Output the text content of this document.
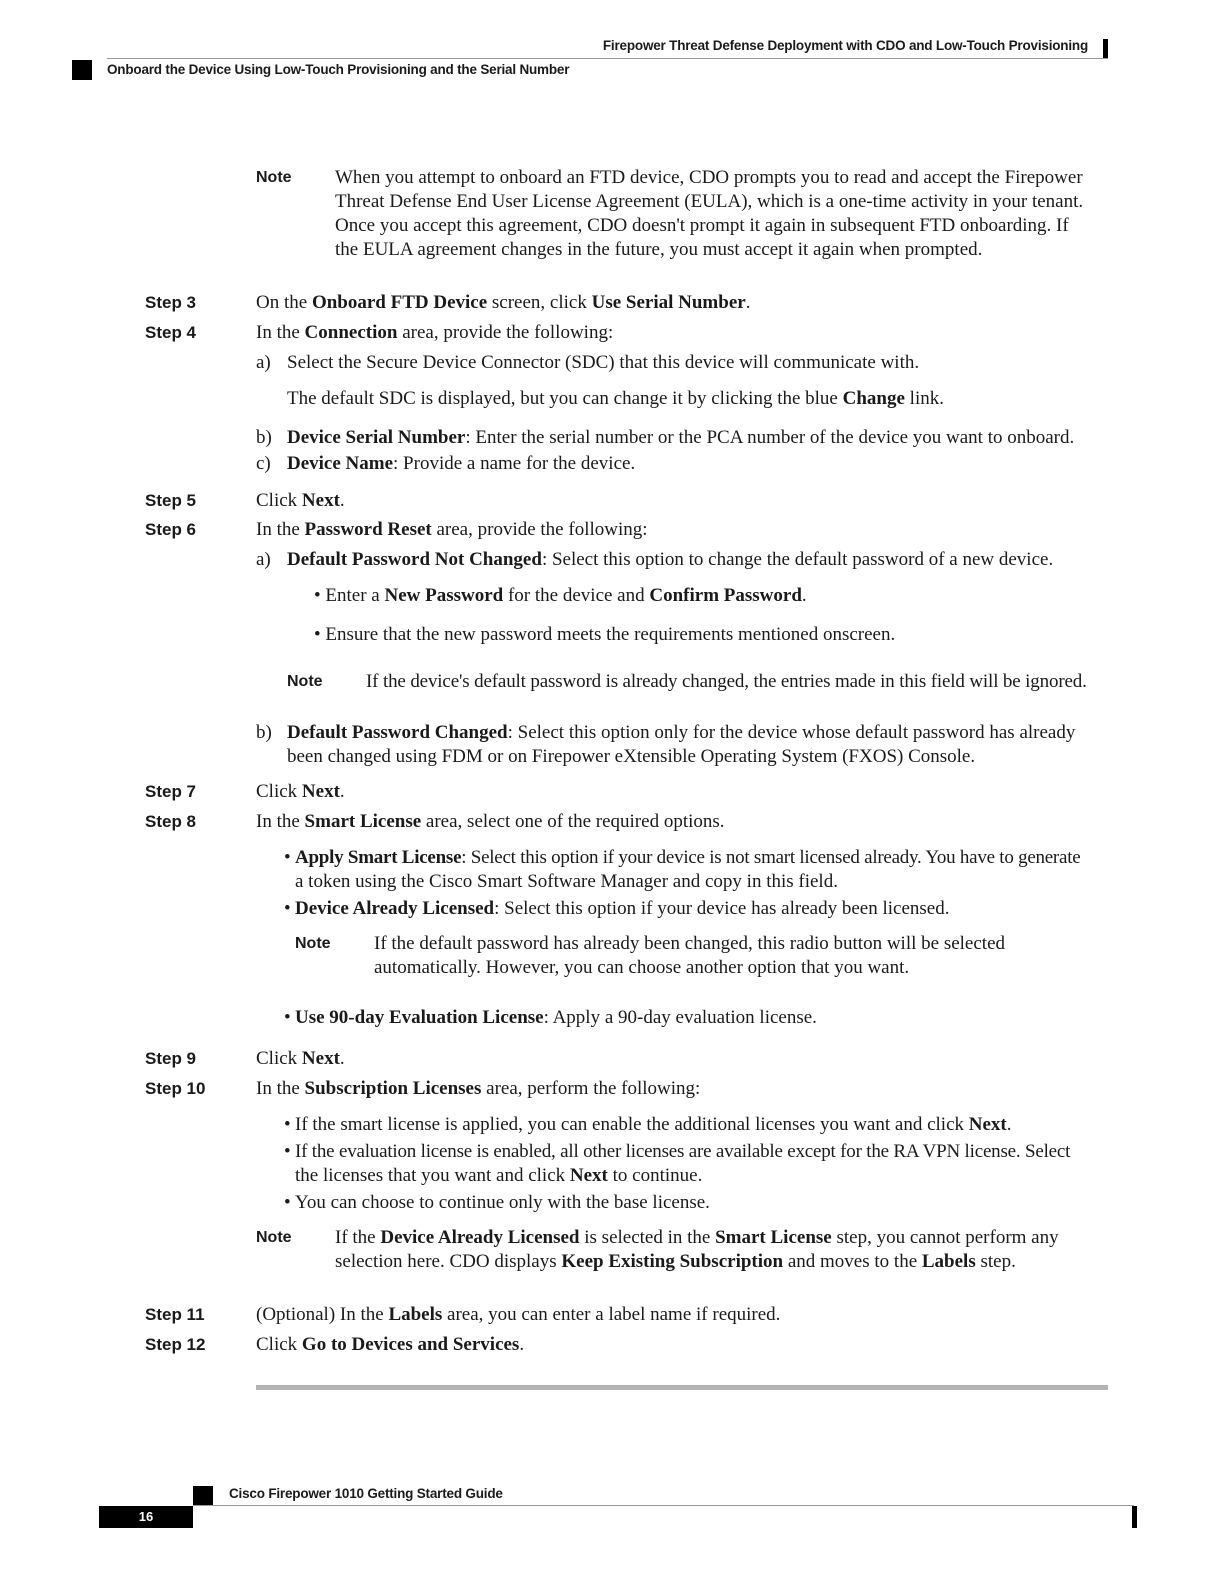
Firepower Threat Defense Deployment with CDO and Low-Touch Provisioning
Onboard the Device Using Low-Touch Provisioning and the Serial Number
Note When you attempt to onboard an FTD device, CDO prompts you to read and accept the Firepower
Threat Defense End User License Agreement (EULA), which is a one-time activity in your tenant.
Once you accept this agreement, CDO doesn't prompt it again in subsequent FTD onboarding. If
the EULA agreement changes in the future, you must accept it again when prompted.
Step 3	On the Onboard FTD Device screen, click Use Serial Number.
Step 4	In the Connection area, provide the following:
a) Select the Secure Device Connector (SDC) that this device will communicate with.
The default SDC is displayed, but you can change it by clicking the blue Change link.
b) Device Serial Number: Enter the serial number or the PCA number of the device you want to onboard.
c) Device Name: Provide a name for the device.
Step 5	Click Next.
Step 6	In the Password Reset area, provide the following:
a) Default Password Not Changed: Select this option to change the default password of a new device.
• Enter a New Password for the device and Confirm Password.
• Ensure that the new password meets the requirements mentioned onscreen.
Note If the device's default password is already changed, the entries made in this field will be ignored.
b) Default Password Changed: Select this option only for the device whose default password has already
been changed using FDM or on Firepower eXtensible Operating System (FXOS) Console.
Step 7	Click Next.
Step 8	In the Smart License area, select one of the required options.
• Apply Smart License: Select this option if your device is not smart licensed already. You have to generate
a token using the Cisco Smart Software Manager and copy in this field.
• Device Already Licensed: Select this option if your device has already been licensed.
Note If the default password has already been changed, this radio button will be selected
automatically. However, you can choose another option that you want.
• Use 90-day Evaluation License: Apply a 90-day evaluation license.
Step 9	Click Next.
Step 10	In the Subscription Licenses area, perform the following:
• If the smart license is applied, you can enable the additional licenses you want and click Next.
• If the evaluation license is enabled, all other licenses are available except for the RA VPN license. Select
the licenses that you want and click Next to continue.
• You can choose to continue only with the base license.
Note If the Device Already Licensed is selected in the Smart License step, you cannot perform any
selection here. CDO displays Keep Existing Subscription and moves to the Labels step.
Step 11	(Optional) In the Labels area, you can enter a label name if required.
Step 12	Click Go to Devices and Services.
Cisco Firepower 1010 Getting Started Guide
16
